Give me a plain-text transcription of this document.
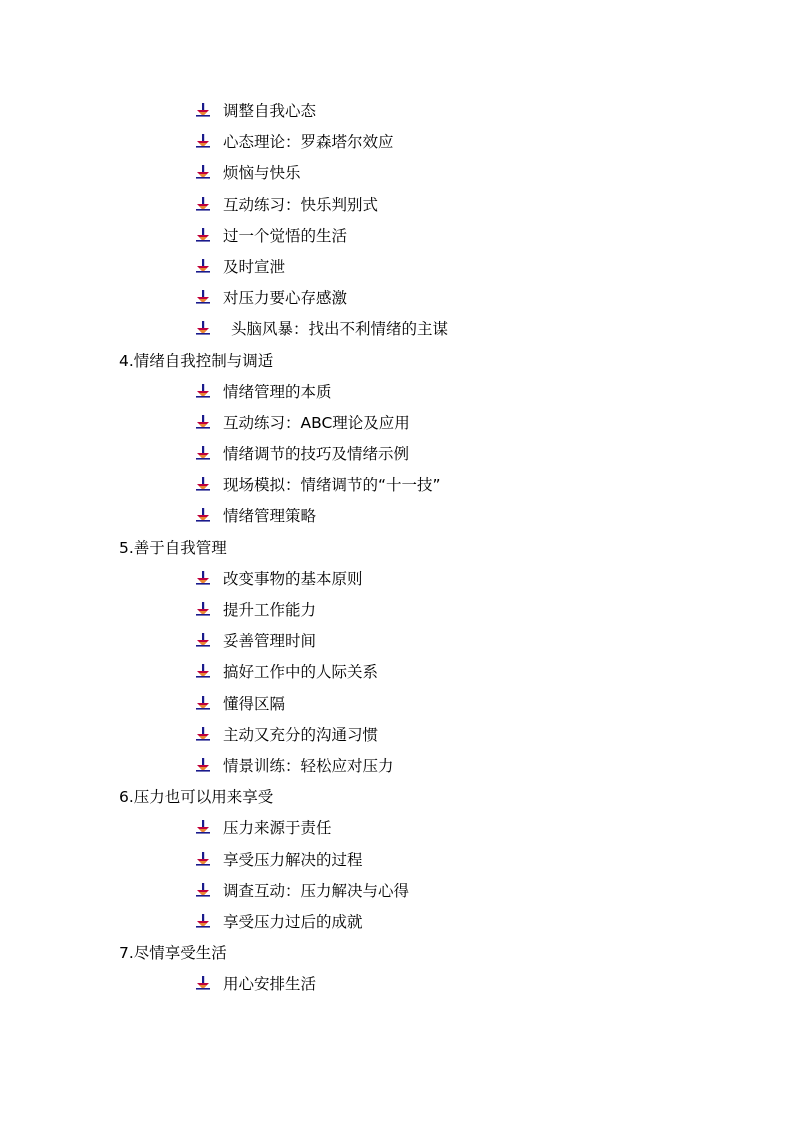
调整自我心态
心态理论：罗森塔尔效应
烦恼与快乐
互动练习：快乐判别式
过一个觉悟的生活
及时宣泄
对压力要心存感激
头脑风暴：找出不利情绪的主谋
4.情绪自我控制与调适
情绪管理的本质
互动练习：ABC理论及应用
情绪调节的技巧及情绪示例
现场模拟：情绪调节的“十一技”
情绪管理策略
5.善于自我管理
改变事物的基本原则
提升工作能力
妥善管理时间
搞好工作中的人际关系
懂得区隔
主动又充分的沟通习惯
情景训练：轻松应对压力
6.压力也可以用来享受
压力来源于责任
享受压力解决的过程
调查互动：压力解决与心得
享受压力过后的成就
7.尽情享受生活
用心安排生活
